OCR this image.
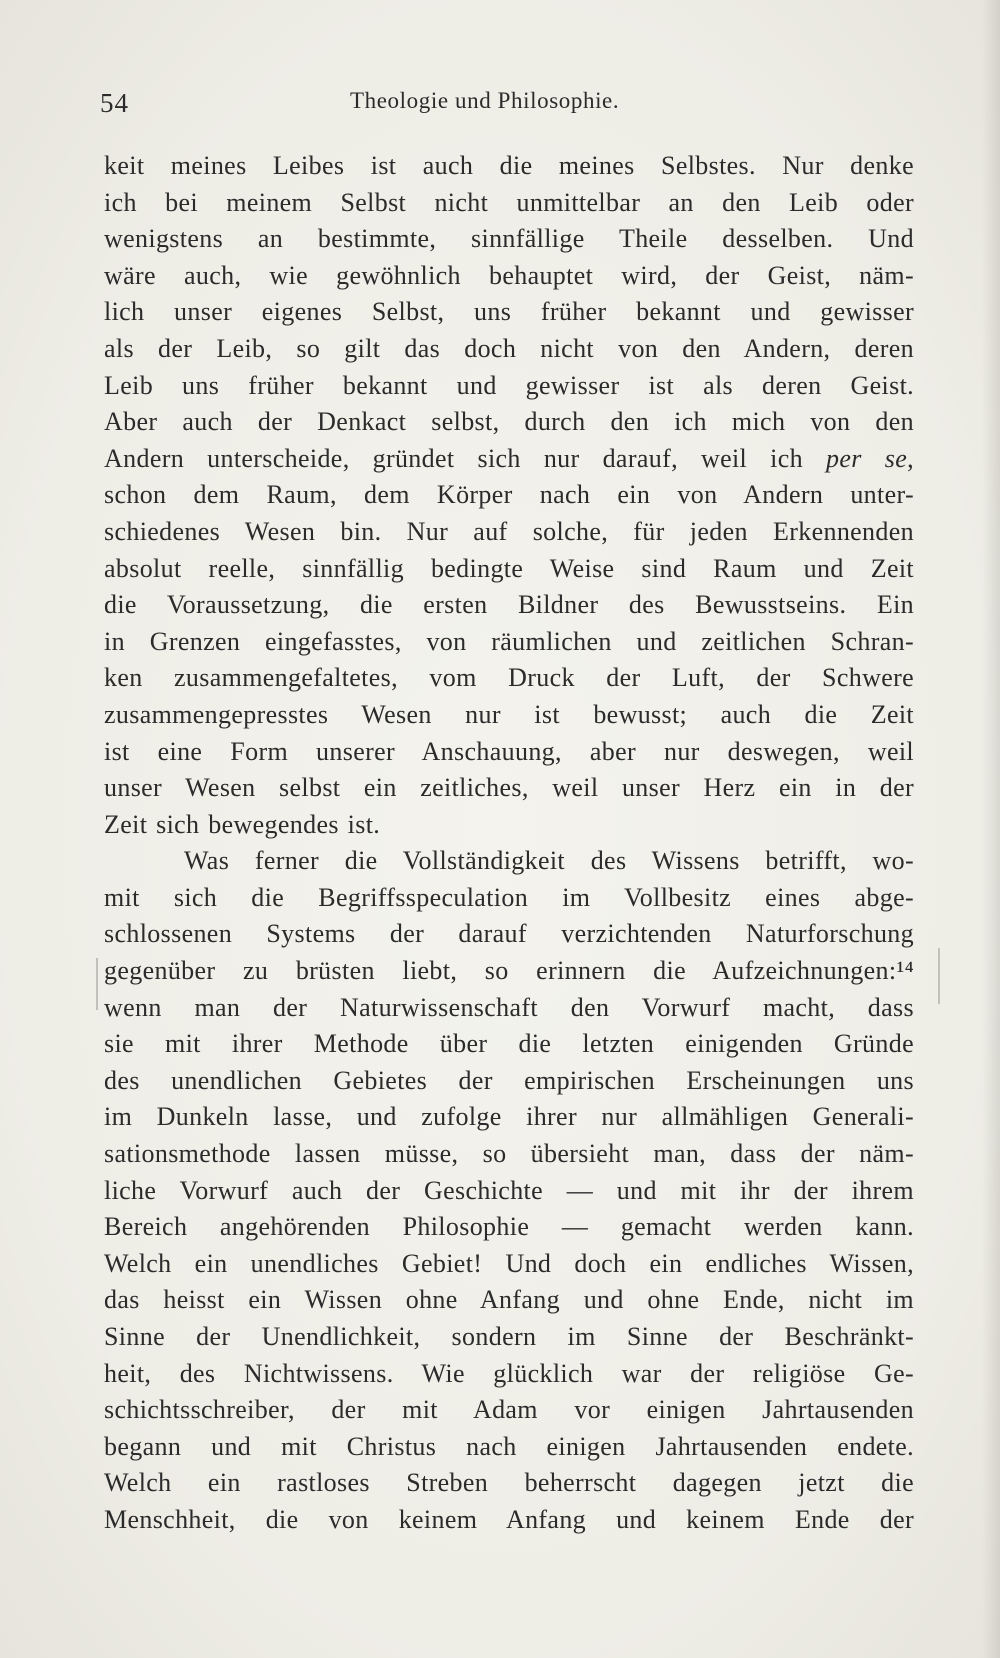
54	Theologie und Philosophie.
keit meines Leibes ist auch die meines Selbstes. Nur denke
ich bei meinem Selbst nicht unmittelbar an den Leib oder
wenigstens an bestimmte, sinnfällige Theile desselben. Und
wäre auch, wie gewöhnlich behauptet wird, der Geist, näm-
lich unser eigenes Selbst, uns früher bekannt und gewisser
als der Leib, so gilt das doch nicht von den Andern, deren
Leib uns früher bekannt und gewisser ist als deren Geist.
Aber auch der Denkact selbst, durch den ich mich von den
Andern unterscheide, gründet sich nur darauf, weil ich per se,
schon dem Raum, dem Körper nach ein von Andern unter-
schiedenes Wesen bin. Nur auf solche, für jeden Erkennenden
absolut reelle, sinnfällig bedingte Weise sind Raum und Zeit
die Voraussetzung, die ersten Bildner des Bewusstseins. Ein
in Grenzen eingefasstes, von räumlichen und zeitlichen Schran-
ken zusammengefaltetes, vom Druck der Luft, der Schwere
zusammengepresstes Wesen nur ist bewusst; auch die Zeit
ist eine Form unserer Anschauung, aber nur deswegen, weil
unser Wesen selbst ein zeitliches, weil unser Herz ein in der
Zeit sich bewegendes ist.
Was ferner die Vollständigkeit des Wissens betrifft, wo-
mit sich die Begriffsspeculation im Vollbesitz eines abge-
schlossenen Systems der darauf verzichtenden Naturforschung
gegenüber zu brüsten liebt, so erinnern die Aufzeichnungen:¹⁴
wenn man der Naturwissenschaft den Vorwurf macht, dass
sie mit ihrer Methode über die letzten einigenden Gründe
des unendlichen Gebietes der empirischen Erscheinungen uns
im Dunkeln lasse, und zufolge ihrer nur allmähligen Generali-
sationsmethode lassen müsse, so übersieht man, dass der näm-
liche Vorwurf auch der Geschichte — und mit ihr der ihrem
Bereich angehörenden Philosophie — gemacht werden kann.
Welch ein unendliches Gebiet! Und doch ein endliches Wissen,
das heisst ein Wissen ohne Anfang und ohne Ende, nicht im
Sinne der Unendlichkeit, sondern im Sinne der Beschränkt-
heit, des Nichtwissens. Wie glücklich war der religiöse Ge-
schichtsschreiber, der mit Adam vor einigen Jahrtausenden
begann und mit Christus nach einigen Jahrtausenden endete.
Welch ein rastloses Streben beherrscht dagegen jetzt die
Menschheit, die von keinem Anfang und keinem Ende der
